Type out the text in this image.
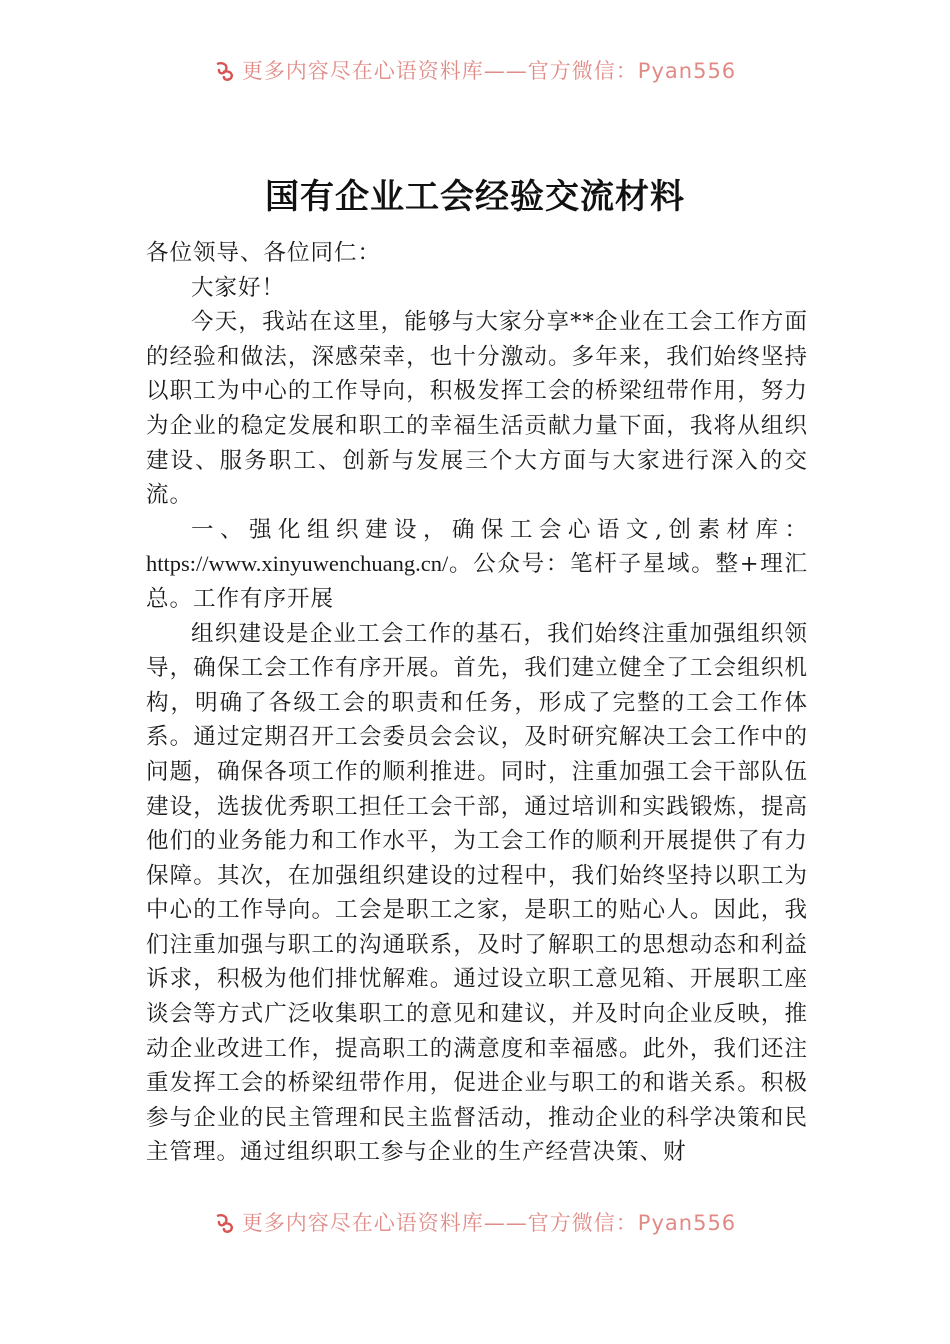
更多内容尽在心语资料库——官方微信：Pyan556
国有企业工会经验交流材料

各位领导、各位同仁：

大家好！

今天，我站在这里，能够与大家分享**企业在工会工作方面的经验和做法，深感荣幸，也十分激动。多年来，我们始终坚持以职工为中心的工作导向，积极发挥工会的桥梁纽带作用，努力为企业的稳定发展和职工的幸福生活贡献力量下面，我将从组织建设、服务职工、创新与发展三个大方面与大家进行深入的交流。

一、强化组织建设，确保工会心语文,创素材库：https://www.xinyuwenchuang.cn/。公众号：笔杆子星域。整+理汇总。工作有序开展

组织建设是企业工会工作的基石，我们始终注重加强组织领导，确保工会工作有序开展。首先，我们建立健全了工会组织机构，明确了各级工会的职责和任务，形成了完整的工会工作体系。通过定期召开工会委员会会议，及时研究解决工会工作中的问题，确保各项工作的顺利推进。同时，注重加强工会干部队伍建设，选拔优秀职工担任工会干部，通过培训和实践锻炼，提高他们的业务能力和工作水平，为工会工作的顺利开展提供了有力保障。其次，在加强组织建设的过程中，我们始终坚持以职工为中心的工作导向。工会是职工之家，是职工的贴心人。因此，我们注重加强与职工的沟通联系，及时了解职工的思想动态和利益诉求，积极为他们排忧解难。通过设立职工意见箱、开展职工座谈会等方式广泛收集职工的意见和建议，并及时向企业反映，推动企业改进工作，提高职工的满意度和幸福感。此外，我们还注重发挥工会的桥梁纽带作用，促进企业与职工的和谐关系。积极参与企业的民主管理和民主监督活动，推动企业的科学决策和民主管理。通过组织职工参与企业的生产经营决策、财

更多内容尽在心语资料库——官方微信：Pyan556
